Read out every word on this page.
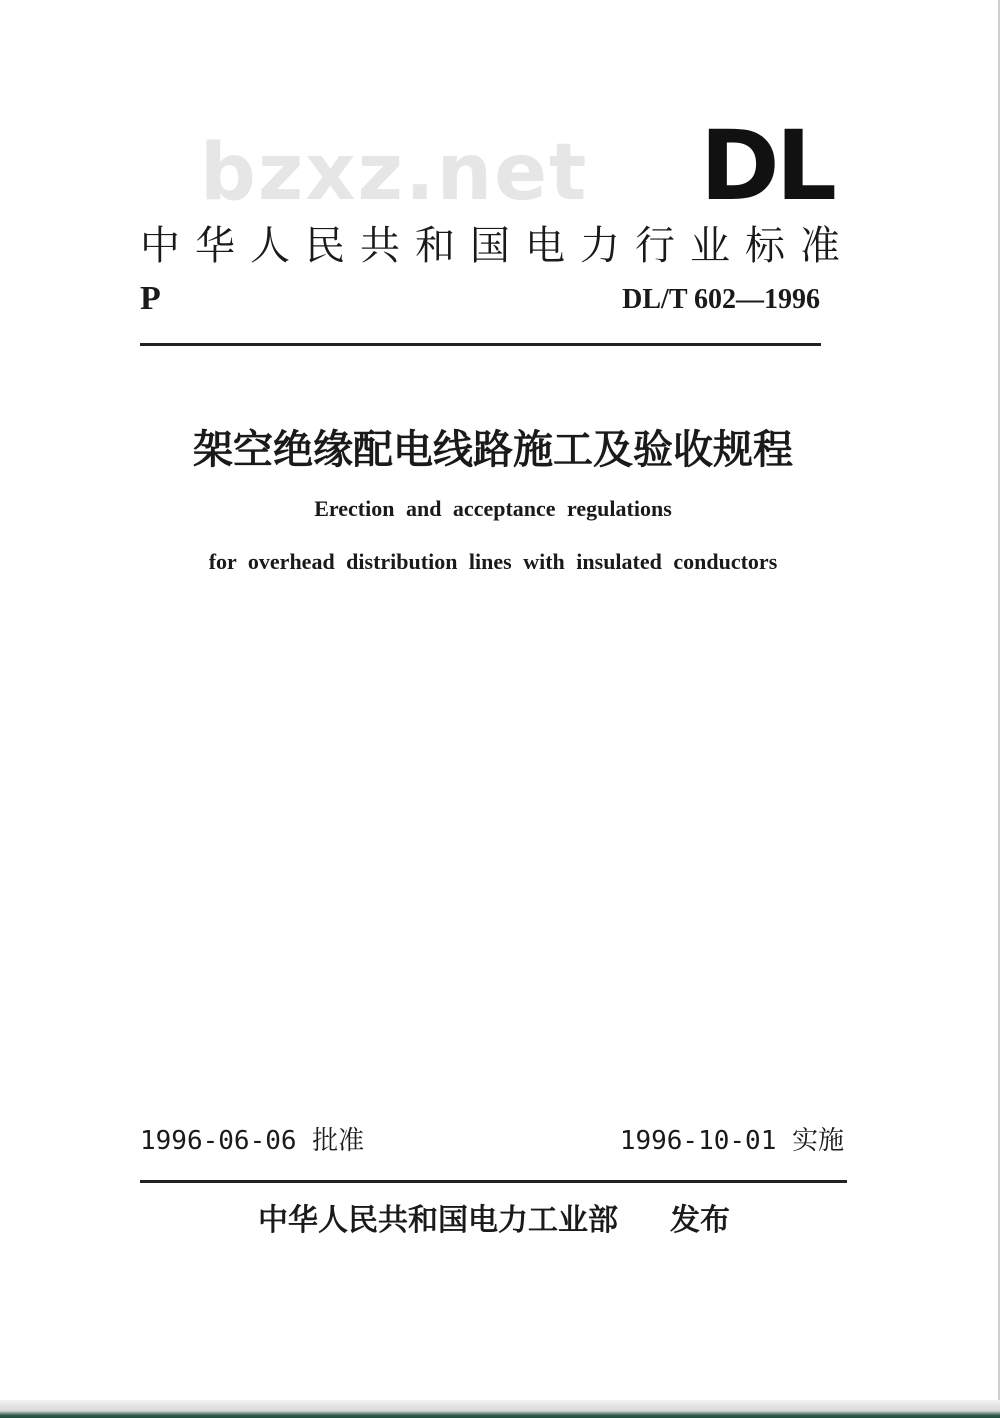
bzxz.net DL
中华人民共和国电力行业标准
P	DL/T 602—1996
架空绝缘配电线路施工及验收规程
Erection and acceptance regulations
for overhead distribution lines with insulated conductors
1996-06-06 批准	1996-10-01 实施
中华人民共和国电力工业部 发布
